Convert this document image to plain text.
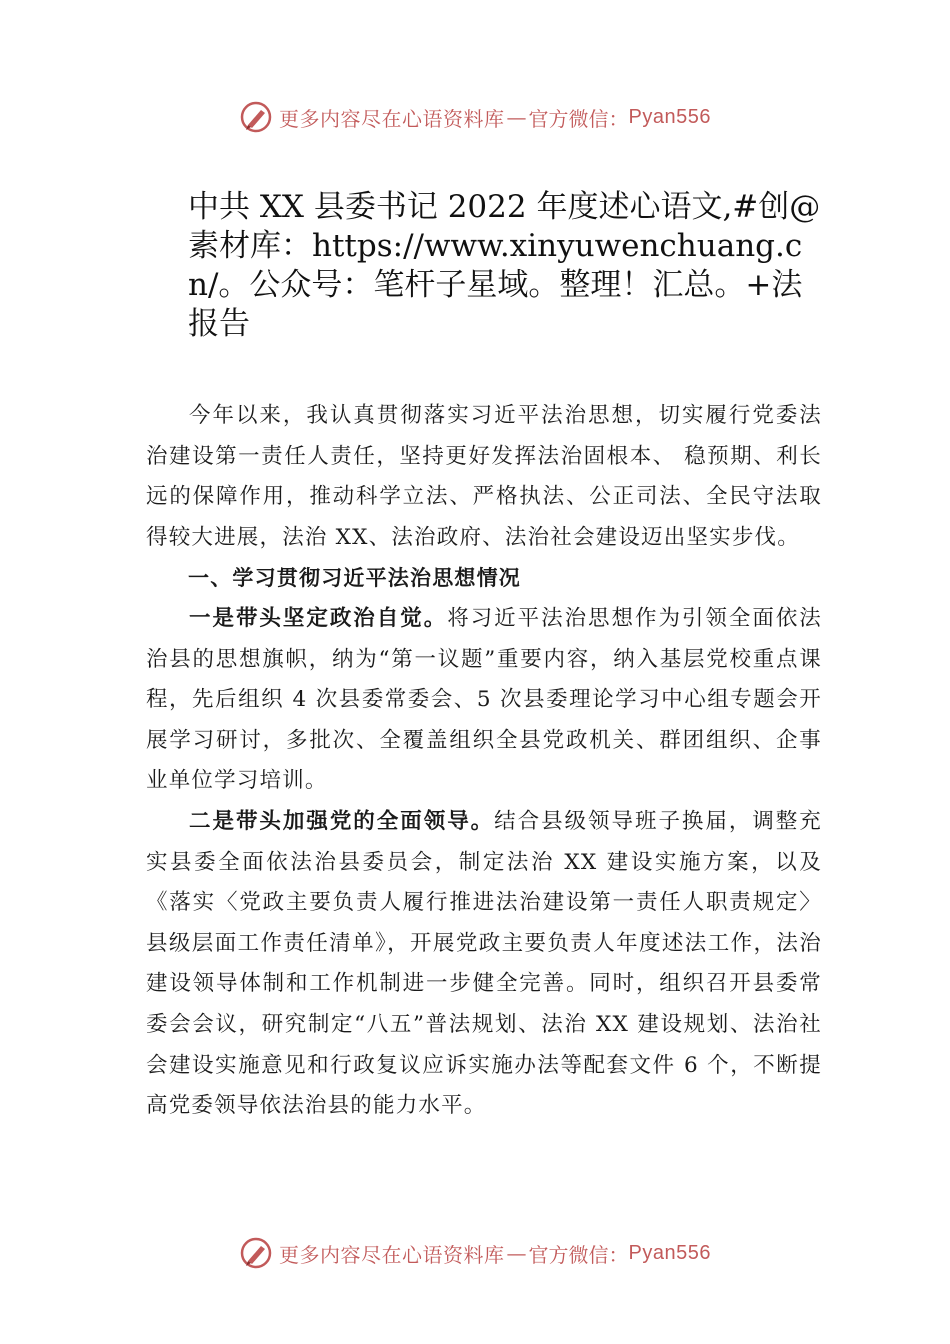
更多内容尽在心语资料库 — 官方微信： Pyan556
中共 XX 县委书记 2022 年度述心语文,#创@素材库：https://www.xinyuwenchuang.cn/。公众号：笔杆子星域。整理！汇总。+法报告

今年以来，我认真贯彻落实习近平法治思想，切实履行党委法治建设第一责任人责任，坚持更好发挥法治固根本、 稳预期、利长远的保障作用，推动科学立法、严格执法、公正司法、全民守法取得较大进展，法治 XX、法治政府、法治社会建设迈出坚实步伐。

一、学习贯彻习近平法治思想情况

一是带头坚定政治自觉。将习近平法治思想作为引领全面依法治县的思想旗帜，纳为“第一议题”重要内容，纳入基层党校重点课程，先后组织 4 次县委常委会、5 次县委理论学习中心组专题会开展学习研讨，多批次、全覆盖组织全县党政机关、群团组织、企事业单位学习培训。

二是带头加强党的全面领导。结合县级领导班子换届，调整充实县委全面依法治县委员会，制定法治 XX 建设实施方案，以及《落实〈党政主要负责人履行推进法治建设第一责任人职责规定〉县级层面工作责任清单》，开展党政主要负责人年度述法工作，法治建设领导体制和工作机制进一步健全完善。同时，组织召开县委常委会会议，研究制定“八五”普法规划、法治 XX 建设规划、法治社会建设实施意见和行政复议应诉实施办法等配套文件 6 个，不断提高党委领导依法治县的能力水平。

更多内容尽在心语资料库 — 官方微信： Pyan556
